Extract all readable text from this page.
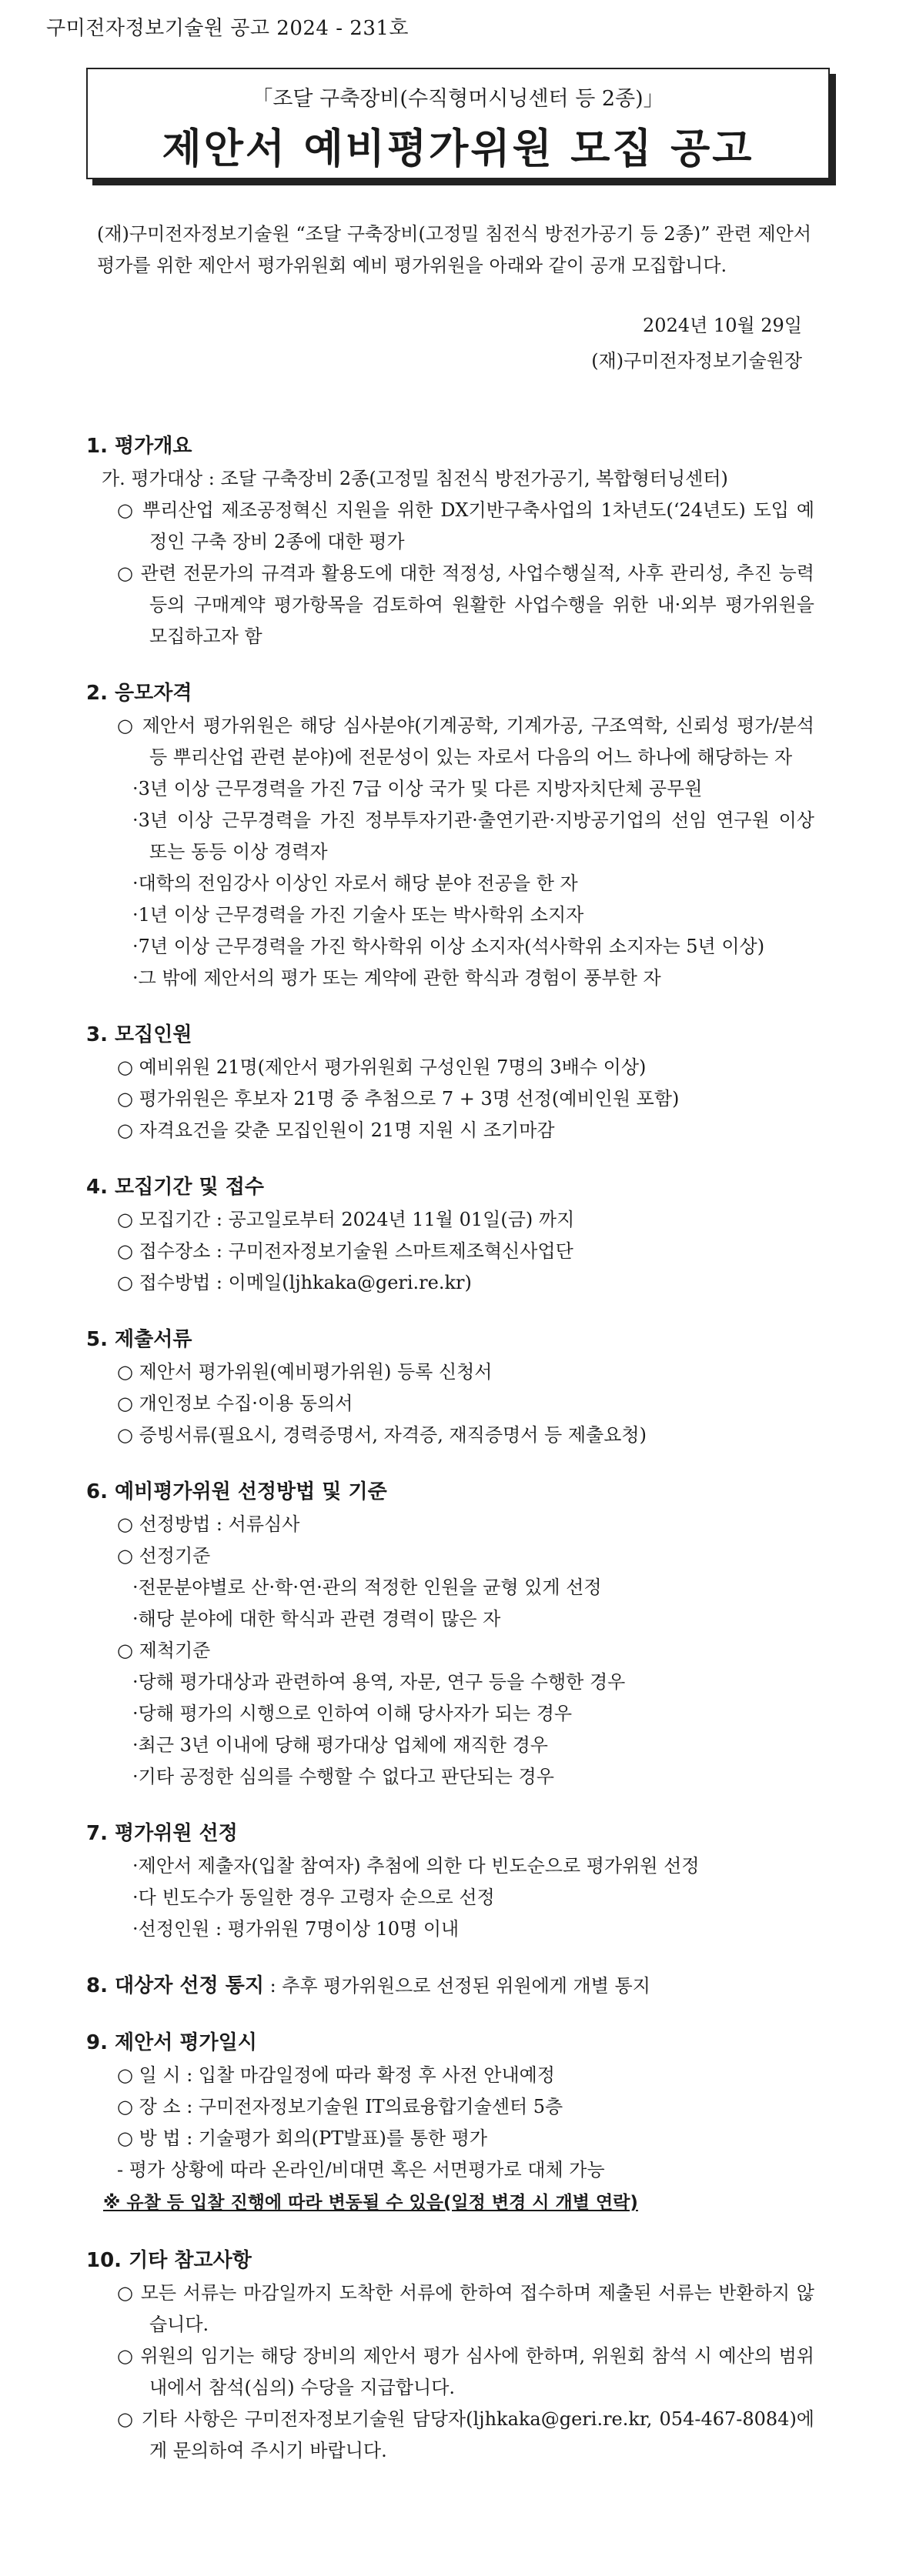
구미전자정보기술원 공고 2024 - 231호
「조달 구축장비(수직형머시닝센터 등 2종)」
제안서 예비평가위원 모집 공고
(재)구미전자정보기술원 “조달 구축장비(고정밀 침전식 방전가공기 등 2종)” 관련 제안서 평가를 위한 제안서 평가위원회 예비 평가위원을 아래와 같이 공개 모집합니다.
2024년 10월 29일
(재)구미전자정보기술원장
1. 평가개요
가. 평가대상 : 조달 구축장비 2종(고정밀 침전식 방전가공기, 복합형터닝센터)
○ 뿌리산업 제조공정혁신 지원을 위한 DX기반구축사업의 1차년도(‘24년도) 도입 예정인 구축 장비 2종에 대한 평가
○ 관련 전문가의 규격과 활용도에 대한 적정성, 사업수행실적, 사후 관리성, 추진 능력 등의 구매계약 평가항목을 검토하여 원활한 사업수행을 위한 내·외부 평가위원을 모집하고자 함
2. 응모자격
○ 제안서 평가위원은 해당 심사분야(기계공학, 기계가공, 구조역학, 신뢰성 평가/분석 등 뿌리산업 관련 분야)에 전문성이 있는 자로서 다음의 어느 하나에 해당하는 자
·3년 이상 근무경력을 가진 7급 이상 국가 및 다른 지방자치단체 공무원
·3년 이상 근무경력을 가진 정부투자기관·출연기관·지방공기업의 선임 연구원 이상 또는 동등 이상 경력자
·대학의 전임강사 이상인 자로서 해당 분야 전공을 한 자
·1년 이상 근무경력을 가진 기술사 또는 박사학위 소지자
·7년 이상 근무경력을 가진 학사학위 이상 소지자(석사학위 소지자는 5년 이상)
·그 밖에 제안서의 평가 또는 계약에 관한 학식과 경험이 풍부한 자
3. 모집인원
○ 예비위원 21명(제안서 평가위원회 구성인원 7명의 3배수 이상)
○ 평가위원은 후보자 21명 중 추첨으로 7 + 3명 선정(예비인원 포함)
○ 자격요건을 갖춘 모집인원이 21명 지원 시 조기마감
4. 모집기간 및 접수
○ 모집기간 : 공고일로부터 2024년 11월 01일(금) 까지
○ 접수장소 : 구미전자정보기술원 스마트제조혁신사업단
○ 접수방법 : 이메일(ljhkaka@geri.re.kr)
5. 제출서류
○ 제안서 평가위원(예비평가위원) 등록 신청서
○ 개인정보 수집·이용 동의서
○ 증빙서류(필요시, 경력증명서, 자격증, 재직증명서 등 제출요청)
6. 예비평가위원 선정방법 및 기준
○ 선정방법 : 서류심사
○ 선정기준
·전문분야별로 산·학·연·관의 적정한 인원을 균형 있게 선정
·해당 분야에 대한 학식과 관련 경력이 많은 자
○ 제척기준
·당해 평가대상과 관련하여 용역, 자문, 연구 등을 수행한 경우
·당해 평가의 시행으로 인하여 이해 당사자가 되는 경우
·최근 3년 이내에 당해 평가대상 업체에 재직한 경우
·기타 공정한 심의를 수행할 수 없다고 판단되는 경우
7. 평가위원 선정
·제안서 제출자(입찰 참여자) 추첨에 의한 다 빈도순으로 평가위원 선정
·다 빈도수가 동일한 경우 고령자 순으로 선정
·선정인원 : 평가위원 7명이상 10명 이내
8. 대상자 선정 통지 : 추후 평가위원으로 선정된 위원에게 개별 통지
9. 제안서 평가일시
○ 일 시 : 입찰 마감일정에 따라 확정 후 사전 안내예정
○ 장 소 : 구미전자정보기술원 IT의료융합기술센터 5층
○ 방 법 : 기술평가 회의(PT발표)를 통한 평가
- 평가 상황에 따라 온라인/비대면 혹은 서면평가로 대체 가능
※ 유찰 등 입찰 진행에 따라 변동될 수 있음(일정 변경 시 개별 연락)
10. 기타 참고사항
○ 모든 서류는 마감일까지 도착한 서류에 한하여 접수하며 제출된 서류는 반환하지 않습니다.
○ 위원의 임기는 해당 장비의 제안서 평가 심사에 한하며, 위원회 참석 시 예산의 범위 내에서 참석(심의) 수당을 지급합니다.
○ 기타 사항은 구미전자정보기술원 담당자(ljhkaka@geri.re.kr, 054-467-8084)에게 문의하여 주시기 바랍니다.
